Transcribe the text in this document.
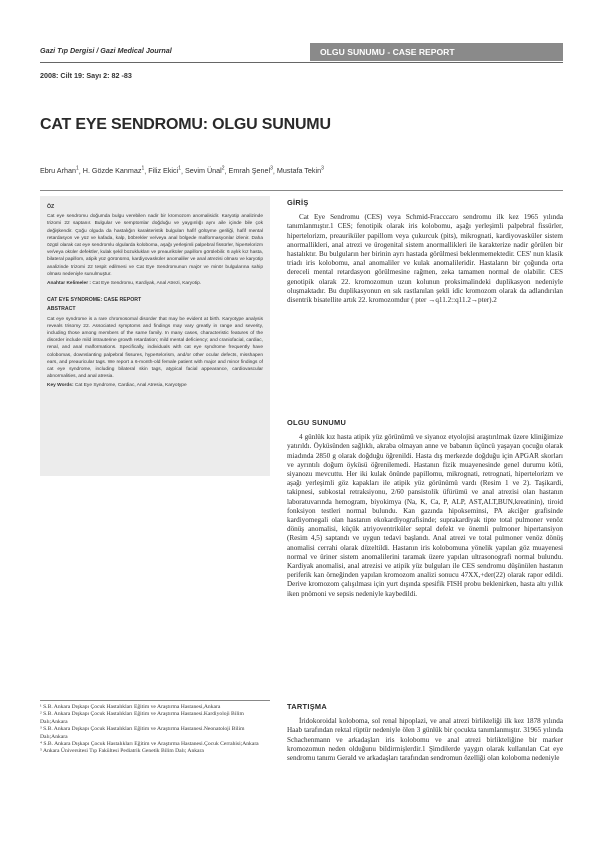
Gazi Tıp Dergisi / Gazi Medical Journal
2008: Cilt 19: Sayı 2: 82 -83
OLGU SUNUMU - CASE REPORT
CAT EYE SENDROMU: OLGU SUNUMU
Ebru Arhan$^1$, H. Gözde Kanmaz$^1$, Filiz Ekici$^1$, Sevim Ünal$^2$, Emrah Şenel$^3$, Mustafa Tekin$^3$
ÖZ

Cat eye sendromu doğumda bulgu verebilen nadir bir kromozom anomalisidir. Karyotip analizinde trizomi 22 saptanır. Bulgular ve semptomlar doğduğu ve yaygınlığı aynı aile içinde bile çok değişkendir. Çoğu olguda da hastalığın karakteristik bulguları hafif gölüyme geriliği, hafif mental retardasyon ve yüz ve kafada, kalp, böbrekler ve/veya anal bölgede malformasyonlar izlenir. Daha özgül olarak cat eye sendromlu olgularda koloboma, aşağı yerleşimli palpebral fissürler, hipertelorizm ve/veya oküler defektler, kulak şekil bozuklukları ve preauriküler papillom görülebilir. 6 aylık kız hasta, bilateral papillom, atipik yüz görünümü, kardiyovasküler anomaliler ve anal atrezisi olması ve karyotip analizinde trizomi 22 tespit edilmesi ve Cat Eye Sendromunun majör ve minör bulgularına sahip olması nedeniyle sunulmuştur.

Anahtar Kelimeler : Cat Eye Sendromu, Kardiyak, Anal Atrezi, Karyotip.

CAT EYE SYNDROME: CASE REPORT
ABSTRACT

Cat eye syndrome is a rare chromosomal disorder that may be evident at birth. Karyotype analysis reveals trisomy 22. Associated symptoms and findings may vary greatly in range and severity, including those among members of the same family. In many cases, characteristic features of the disorder include mild intrauterine growth retardation; mild mental deficiency; and craniofacial, cardiac, renal, and anal malformations. Specifically, individuals with cat eye syndrome frequently have colobomas, downslanting palpebral fissures, hypertelorism, and/or other ocular defects, misshapen ears, and preauricular tags. We report a 6-month-old female patient with major and minor findings of cat eye syndrome, including bilateral skin tags, atypical facial appearance, cardiovascular abnormalities, and anal atresia.

Key Words: Cat Eye Syndrome, Cardiac, Anal Atresia, Karyotype

¹ S.B. Ankara Dışkapı Çocuk Hastalıkları Eğitim ve Araştırma Hastanesi,Ankara

² S.B. Ankara Dışkapı Çocuk Hastalıkları Eğitim ve Araştırma Hastanesi.Kardiyoloji Bilim Dalı;Ankara

³ S.B. Ankara Dışkapı Çocuk Hastalıkları Eğitim ve Araştırma Hastanesi.Neonatoloji Bilim Dalı;Ankara

⁴ S.B. Ankara Dışkapı Çocuk Hastalıkları Eğitim ve Araştırma Hastanesi.Çocuk Cerrahisi;Ankara

⁵ Ankara Üniversitesi Tıp Fakültesi Pediatrik Genetik Bilim Dalı; Ankara

GİRİŞ

Cat Eye Sendromu (CES) veya Schmid-Fracccaro sendromu ilk kez 1965 yılında tanımlanmıştır.1 CES; fenotipik olarak iris kolobomu, aşağı yerleşimli palpebral fissürler, hipertelorizm, preauriküler papillom veya çukurcuk (pits), mikrognati, kardiyovasküler sistem anormallikleri, anal atrezi ve ürogenital sistem anormallikleri ile karakterize nadir görülen bir hastalıktır. Bu bulguların her birinin ayrı hastada görülmesi beklenmemektedir. CES' nun klasik triadı iris kolobomu, anal anomaliler ve kulak anomalileridir. Hastaların bir çoğunda orta dereceli mental retardasyon görülmesine rağmen, zeka tamamen normal de olabilir. CES genotipik olarak 22. kromozomun uzun kolunun proksimalindeki duplikasyon nedeniyle oluşmaktadır. Bu duplikasyonun en sık rastlanılan şekli idic kromozom olarak da adlandırılan disentrik bisatellite artık 22. kromozomdur ( pter →q11.2::q11.2→pter).2

OLGU SUNUMU

4 günlük kız hasta atipik yüz görünümü ve siyanoz etyolojisi araştırılmak üzere kliniğimize yatırıldı. Öyküsünden sağlıklı, akraba olmayan anne ve babanın üçüncü yaşayan çocuğu olarak miadında 2850 g olarak doğduğu öğrenildi. Hasta dış merkezde doğduğu için APGAR skorları ve ayrıntılı doğum öyküsü öğrenilemedi. Hastanın fizik muayenesinde genel durumu kötü, siyanozu mevcuttu. Her iki kulak önünde papillomu, mikrognati, retrognati, hipertelorizm ve aşağı yerleşimli göz kapakları ile atipik yüz görünümü vardı (Resim 1 ve 2). Taşikardi, takipnesi, subkostal retraksiyonu, 2/60 pansistolik üfürümü ve anal atrezisi olan hastanın laboratuvarında hemogram, biyokimya (Na, K, Ca, P, ALP, AST,ALT,BUN,kreatinin), tiroid fonksiyon testleri normal bulundu. Kan gazında hipokseminsi, PA akciğer grafisinde kardiyomegali olan hastanın ekokardiyografisinde; suprakardiyak tipte total pulmoner venöz dönüş anomalisi, küçük atriyoventriküler septal defekt ve önemli pulmoner hipertansiyon (Resim 4,5) saptandı ve uygun tedavi başlandı. Anal atrezi ve total pulmoner venöz dönüş anomalisi cerrahi olarak düzeltildi. Hastanın iris kolobomuna yönelik yapılan göz muayenesi normal ve üriner sistem anomalilerini taramak üzere yapılan ultrasonografi normal bulundu. Kardiyak anomalisi, anal atrezisi ve atipik yüz bulguları ile CES sendromu düşünülen hastanın periferik kan örneğinden yapılan kromozom analizi sonucu 47XX,+der(22) olarak rapor edildi. Derive kromozom çalışılması için yurt dışında spesifik FISH probu beklenirken, hasta altı yıllık iken pnömoni ve sepsis nedeniyle kaybedildi.

TARTIŞMA

İridokoroidal koloboma, sol renal hipoplazi, ve anal atrezi birlikteliği ilk kez 1878 yılında Haab tarafından rektal rüptür nedeniyle ölen 3 günlük bir çocukta tanımlanmıştır. 31965 yılında Schachenmann ve arkadaşları iris kolobomu ve anal atrezi birlikteliğine bir marker kromozomun neden olduğunu bildirmişlerdir.1 Şimdilerde yaygın olarak kullanılan Cat eye sendromu tanımı Gerald ve arkadaşları tarafından sendromun özelliği olan koloboma nedeniyle
